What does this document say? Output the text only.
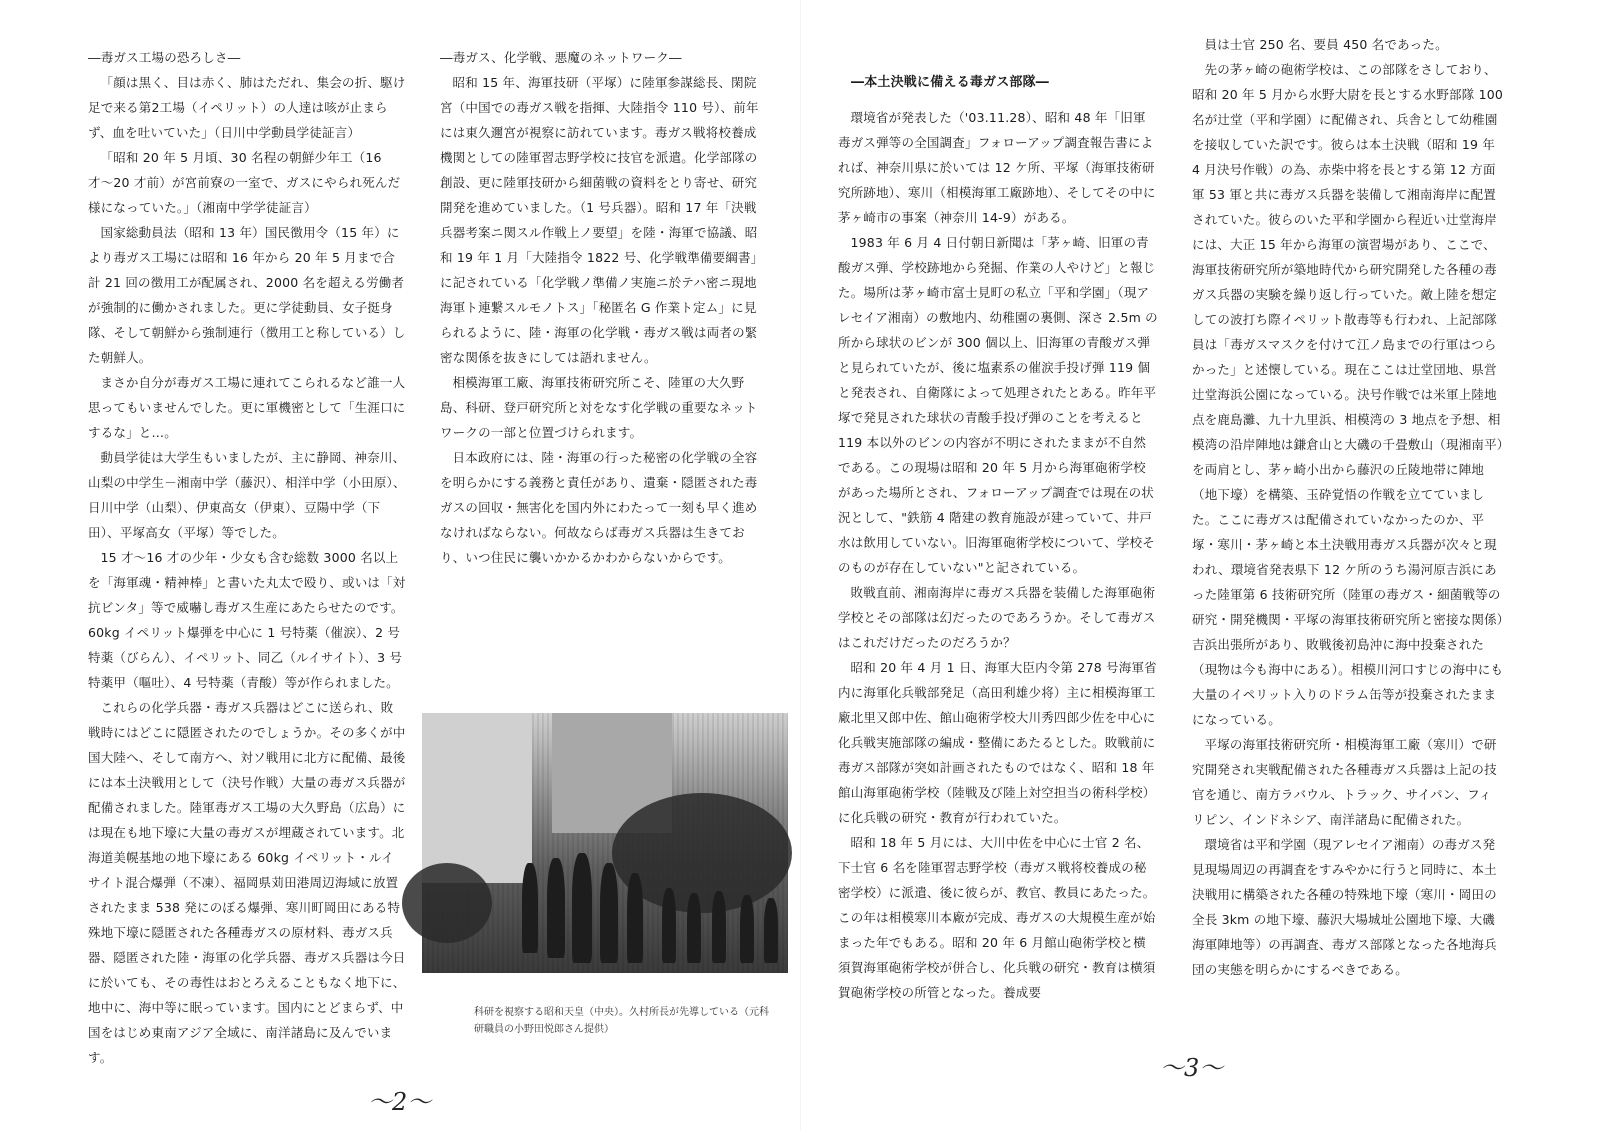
―毒ガス工場の恐ろしさ―

「顔は黒く、目は赤く、肺はただれ、集会の折、駆け足で来る第2工場（イペリット）の人達は咳が止まらず、血を吐いていた」（日川中学動員学徒証言）

「昭和 20 年 5 月頃、30 名程の朝鮮少年工（16 才〜20 才前）が宮前寮の一室で、ガスにやられ死んだ様になっていた。」（湘南中学学徒証言）

国家総動員法（昭和 13 年）国民徴用令（15 年）により毒ガス工場には昭和 16 年から 20 年 5 月まで合計 21 回の徴用工が配属され、2000 名を超える労働者が強制的に働かされました。更に学徒動員、女子挺身隊、そして朝鮮から強制連行（徴用工と称している）した朝鮮人。

まさか自分が毒ガス工場に連れてこられるなど誰一人思ってもいませんでした。更に軍機密として「生涯口にするな」と…。

動員学徒は大学生もいましたが、主に静岡、神奈川、山梨の中学生－湘南中学（藤沢）、相洋中学（小田原）、日川中学（山梨）、伊東高女（伊東）、豆陽中学（下田）、平塚高女（平塚）等でした。

15 才〜16 才の少年・少女も含む総数 3000 名以上を「海軍魂・精神棒」と書いた丸太で殴り、或いは「対抗ビンタ」等で威嚇し毒ガス生産にあたらせたのです。60kg イペリット爆弾を中心に 1 号特薬（催涙）、2 号特薬（びらん）、イペリット、同乙（ルイサイト）、3 号特薬甲（嘔吐）、4 号特薬（青酸）等が作られました。

これらの化学兵器・毒ガス兵器はどこに送られ、敗戦時にはどこに隠匿されたのでしょうか。その多くが中国大陸へ、そして南方へ、対ソ戦用に北方に配備、最後には本土決戦用として（決号作戦）大量の毒ガス兵器が配備されました。陸軍毒ガス工場の大久野島（広島）には現在も地下壕に大量の毒ガスが埋蔵されています。北海道美幌基地の地下壕にある 60kg イペリット・ルイサイト混合爆弾（不凍）、福岡県苅田港周辺海域に放置されたまま 538 発にのぼる爆弾、寒川町岡田にある特殊地下壕に隠匿された各種毒ガスの原材料、毒ガス兵器、隠匿された陸・海軍の化学兵器、毒ガス兵器は今日に於いても、その毒性はおとろえることもなく地下に、地中に、海中等に眠っています。国内にとどまらず、中国をはじめ東南アジア全域に、南洋諸島に及んでいます。

―毒ガス、化学戦、悪魔のネットワーク―

昭和 15 年、海軍技研（平塚）に陸軍参謀総長、閑院宮（中国での毒ガス戦を指揮、大陸指令 110 号）、前年には東久邇宮が視察に訪れています。毒ガス戦将校養成機関としての陸軍習志野学校に技官を派遣。化学部隊の創設、更に陸軍技研から細菌戦の資料をとり寄せ、研究開発を進めていました。（1 号兵器）。昭和 17 年「決戦兵器考案ニ関スル作戦上ノ要望」を陸・海軍で協議、昭和 19 年 1 月「大陸指令 1822 号、化学戦準備要綱書」に記されている「化学戦ノ準備ノ実施ニ於テハ密ニ現地海軍ト連繋スルモノトス」「秘匿名 G 作業ト定ム」に見られるように、陸・海軍の化学戦・毒ガス戦は両者の緊密な関係を抜きにしては語れません。

相模海軍工廠、海軍技術研究所こそ、陸軍の大久野島、科研、登戸研究所と対をなす化学戦の重要なネットワークの一部と位置づけられます。

日本政府には、陸・海軍の行った秘密の化学戦の全容を明らかにする義務と責任があり、遺棄・隠匿された毒ガスの回収・無害化を国内外にわたって一刻も早く進めなければならない。何故ならば毒ガス兵器は生きており、いつ住民に襲いかかるかわからないからです。

科研を視察する昭和天皇（中央）。久村所長が先導している（元科研職員の小野田悦郎さん提供）
～2～

―本土決戦に備える毒ガス部隊―

環境省が発表した（'03.11.28）、昭和 48 年「旧軍毒ガス弾等の全国調査」フォローアップ調査報告書によれば、神奈川県に於いては 12 ケ所、平塚（海軍技術研究所跡地）、寒川（相模海軍工廠跡地）、そしてその中に茅ヶ崎市の事案（神奈川 14-9）がある。

1983 年 6 月 4 日付朝日新聞は「茅ヶ崎、旧軍の青酸ガス弾、学校跡地から発掘、作業の人やけど」と報じた。場所は茅ヶ崎市富士見町の私立「平和学園」（現アレセイア湘南）の敷地内、幼稚園の裏側、深さ 2.5m の所から球状のビンが 300 個以上、旧海軍の青酸ガス弾と見られていたが、後に塩素系の催涙手投げ弾 119 個と発表され、自衛隊によって処理されたとある。昨年平塚で発見された球状の青酸手投げ弾のことを考えると 119 本以外のビンの内容が不明にされたままが不自然である。この現場は昭和 20 年 5 月から海軍砲術学校があった場所とされ、フォローアップ調査では現在の状況として、"鉄筋 4 階建の教育施設が建っていて、井戸水は飲用していない。旧海軍砲術学校について、学校そのものが存在していない"と記されている。

敗戦直前、湘南海岸に毒ガス兵器を装備した海軍砲術学校とその部隊は幻だったのであろうか。そして毒ガスはこれだけだったのだろうか？

昭和 20 年 4 月 1 日、海軍大臣内令第 278 号海軍省内に海軍化兵戦部発足（高田利雄少将）主に相模海軍工廠北里又郎中佐、館山砲術学校大川秀四郎少佐を中心に化兵戦実施部隊の編成・整備にあたるとした。敗戦前に毒ガス部隊が突如計画されたものではなく、昭和 18 年館山海軍砲術学校（陸戦及び陸上対空担当の術科学校）に化兵戦の研究・教育が行われていた。

昭和 18 年 5 月には、大川中佐を中心に士官 2 名、下士官 6 名を陸軍習志野学校（毒ガス戦将校養成の秘密学校）に派遣、後に彼らが、教官、教員にあたった。この年は相模寒川本廠が完成、毒ガスの大規模生産が始まった年でもある。昭和 20 年 6 月館山砲術学校と横須賀海軍砲術学校が併合し、化兵戦の研究・教育は横須賀砲術学校の所管となった。養成要

員は士官 250 名、要員 450 名であった。

先の茅ヶ崎の砲術学校は、この部隊をさしており、昭和 20 年 5 月から水野大尉を長とする水野部隊 100 名が辻堂（平和学園）に配備され、兵舎として幼稚園を接収していた訳です。彼らは本土決戦（昭和 19 年 4 月決号作戦）の為、赤柴中将を長とする第 12 方面軍 53 軍と共に毒ガス兵器を装備して湘南海岸に配置されていた。彼らのいた平和学園から程近い辻堂海岸には、大正 15 年から海軍の演習場があり、ここで、海軍技術研究所が築地時代から研究開発した各種の毒ガス兵器の実験を繰り返し行っていた。敵上陸を想定しての波打ち際イペリット散毒等も行われ、上記部隊員は「毒ガスマスクを付けて江ノ島までの行軍はつらかった」と述懐している。現在ここは辻堂団地、県営辻堂海浜公園になっている。決号作戦では米軍上陸地点を鹿島灘、九十九里浜、相模湾の 3 地点を予想、相模湾の沿岸陣地は鎌倉山と大磯の千畳敷山（現湘南平）を両肩とし、茅ヶ崎小出から藤沢の丘陵地帯に陣地（地下壕）を構築、玉砕覚悟の作戦を立てていました。ここに毒ガスは配備されていなかったのか、平塚・寒川・茅ヶ崎と本土決戦用毒ガス兵器が次々と現われ、環境省発表県下 12 ケ所のうち湯河原吉浜にあった陸軍第 6 技術研究所（陸軍の毒ガス・細菌戦等の研究・開発機関・平塚の海軍技術研究所と密接な関係）吉浜出張所があり、敗戦後初島沖に海中投棄された（現物は今も海中にある）。相模川河口すじの海中にも大量のイペリット入りのドラム缶等が投棄されたままになっている。

平塚の海軍技術研究所・相模海軍工廠（寒川）で研究開発され実戦配備された各種毒ガス兵器は上記の技官を通じ、南方ラバウル、トラック、サイパン、フィリピン、インドネシア、南洋諸島に配備された。

環境省は平和学園（現アレセイア湘南）の毒ガス発見現場周辺の再調査をすみやかに行うと同時に、本土決戦用に構築された各種の特殊地下壕（寒川・岡田の全長 3km の地下壕、藤沢大場城址公園地下壕、大磯海軍陣地等）の再調査、毒ガス部隊となった各地海兵団の実態を明らかにするべきである。

～3～
